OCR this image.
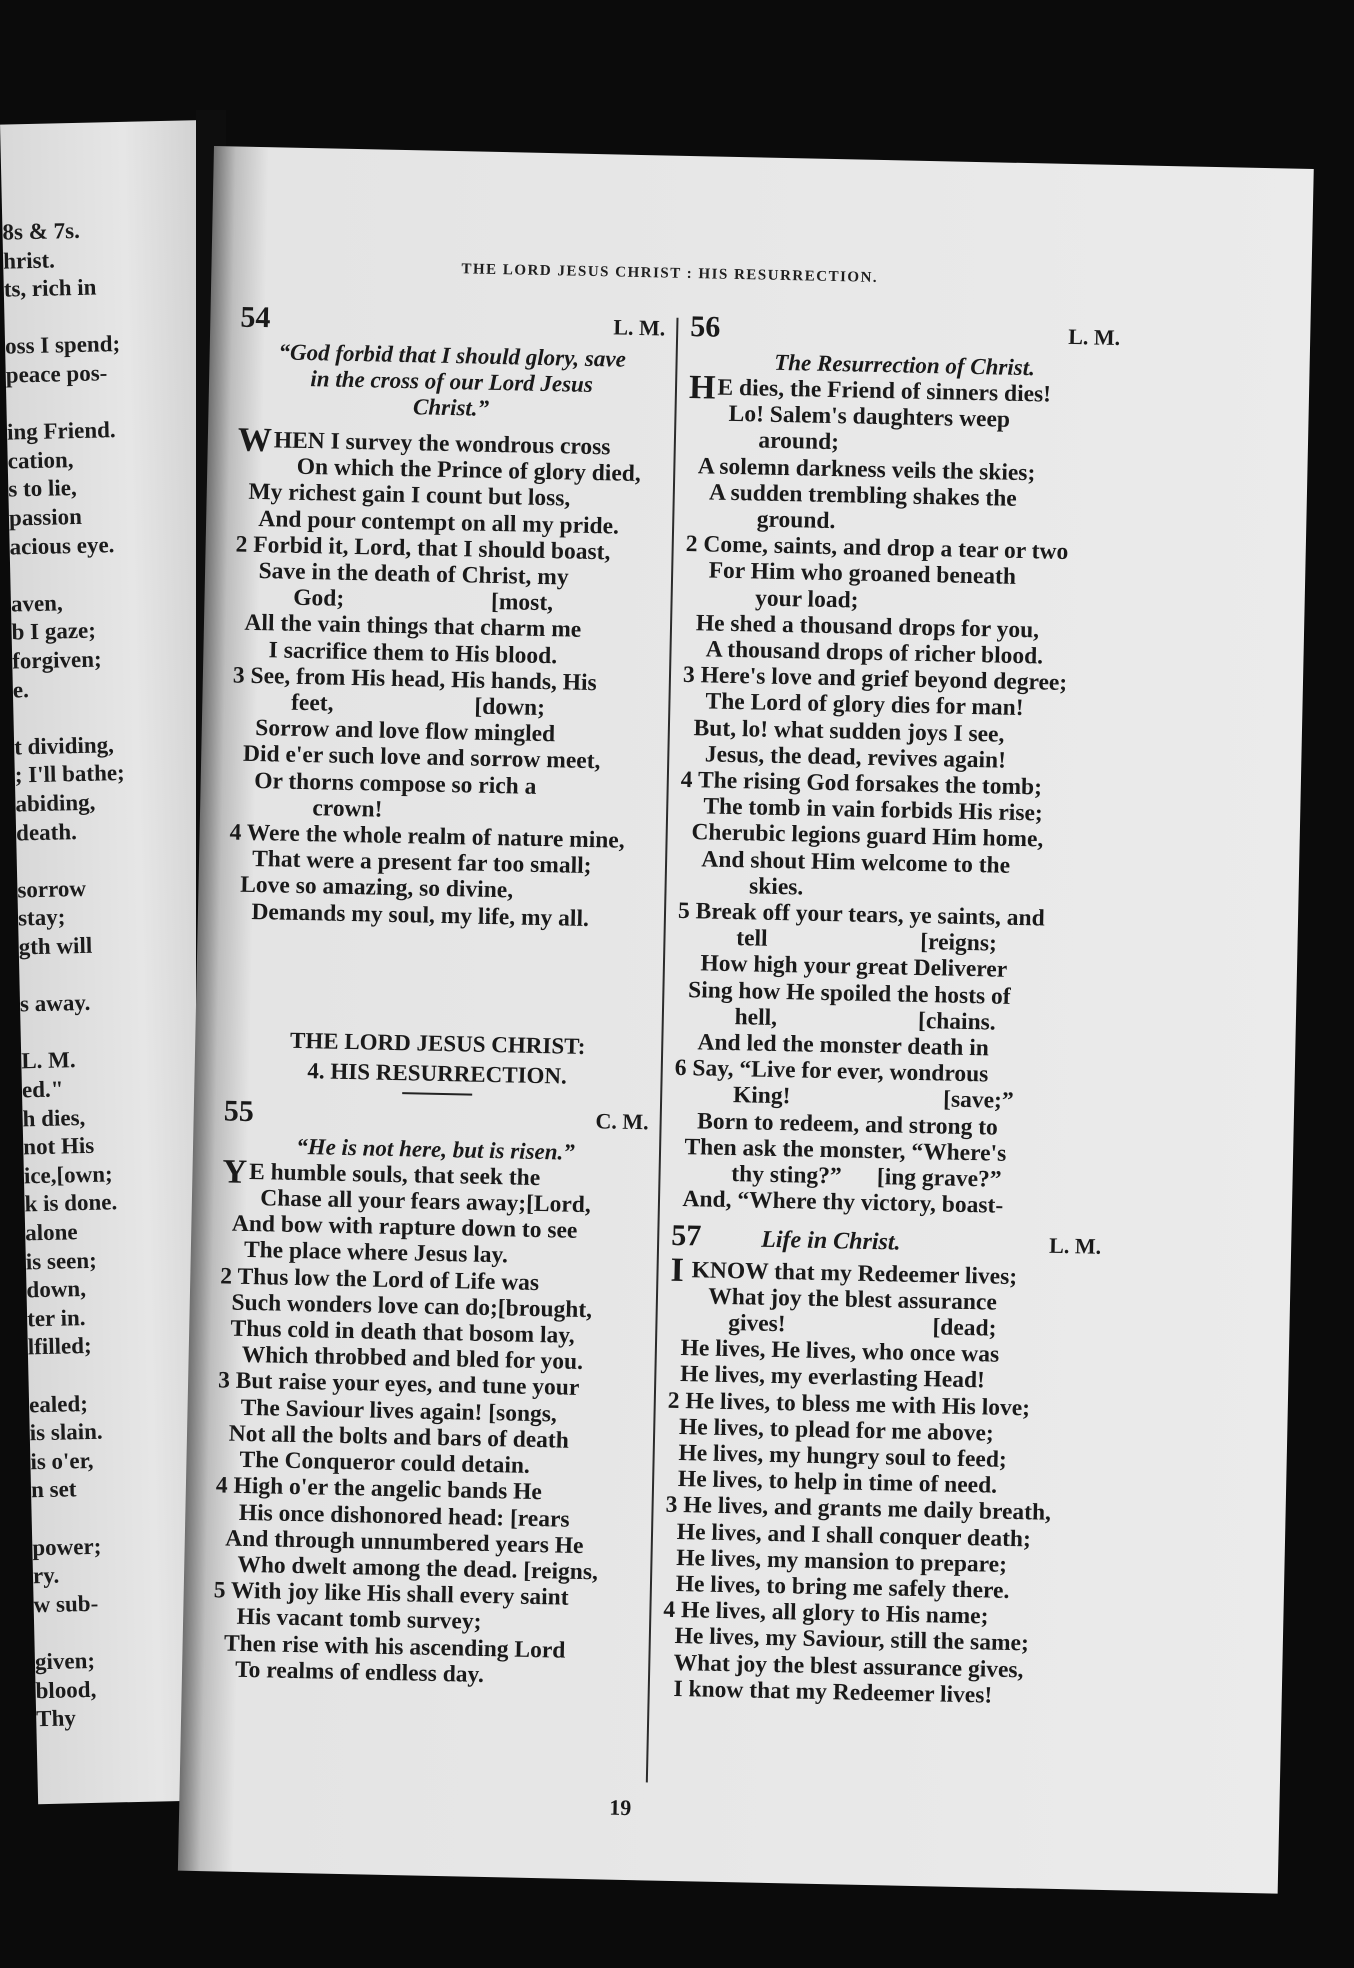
8s & 7s.
hrist.
ts, rich in
oss I spend;
peace pos-
ing Friend.
cation,
s to lie,
passion
acious eye.
aven,
b I gaze;
forgiven;
e.
t dividing,
; I'll bathe;
abiding,
death.
sorrow
stay;
gth will
s away.
L. M.
ed."
h dies,
not His
ice,[own;
k is done.
alone
is seen;
down,
ter in.
lfilled;
ealed;
is slain.
is o'er,
n set
power;
ry.
w sub-
given;
blood,
Thy
THE LORD JESUS CHRIST : HIS RESURRECTION.
54	L. M.
“God forbid that I should glory, save
in the cross of our Lord Jesus
Christ.”
W HEN I survey the wondrous cross
On which the Prince of glory died,
My richest gain I count but loss,
And pour contempt on all my pride.
2 Forbid it, Lord, that I should boast,
Save in the death of Christ, my
God;                         [most,
All the vain things that charm me
I sacrifice them to His blood.
3 See, from His head, His hands, His
feet,                        [down;
Sorrow and love flow mingled
Did e'er such love and sorrow meet,
Or thorns compose so rich a
crown!
4 Were the whole realm of nature mine,
That were a present far too small;
Love so amazing, so divine,
Demands my soul, my life, my all.
THE LORD JESUS CHRIST:
4. HIS RESURRECTION.
55	C. M.
“He is not here, but is risen.”
Y E humble souls, that seek the
Chase all your fears away;[Lord,
And bow with rapture down to see
The place where Jesus lay.
2 Thus low the Lord of Life was
Such wonders love can do;[brought,
Thus cold in death that bosom lay,
Which throbbed and bled for you.
3 But raise your eyes, and tune your
The Saviour lives again! [songs,
Not all the bolts and bars of death
The Conqueror could detain.
4 High o'er the angelic bands He
His once dishonored head: [rears
And through unnumbered years He
Who dwelt among the dead. [reigns,
5 With joy like His shall every saint
His vacant tomb survey;
Then rise with his ascending Lord
To realms of endless day.
56	L. M.
The Resurrection of Christ.
H E dies, the Friend of sinners dies!
Lo! Salem's daughters weep
around;
A solemn darkness veils the skies;
A sudden trembling shakes the
ground.
2 Come, saints, and drop a tear or two
For Him who groaned beneath
your load;
He shed a thousand drops for you,
A thousand drops of richer blood.
3 Here's love and grief beyond degree;
The Lord of glory dies for man!
But, lo! what sudden joys I see,
Jesus, the dead, revives again!
4 The rising God forsakes the tomb;
The tomb in vain forbids His rise;
Cherubic legions guard Him home,
And shout Him welcome to the
skies.
5 Break off your tears, ye saints, and
tell                          [reigns;
How high your great Deliverer
Sing how He spoiled the hosts of
hell,                        [chains.
And led the monster death in
6 Say, “Live for ever, wondrous
King!                          [save;”
Born to redeem, and strong to
Then ask the monster, “Where's
thy sting?”      [ing grave?”
And, “Where thy victory, boast-
57 Life in Christ.	L. M.
I KNOW that my Redeemer lives;
What joy the blest assurance
gives!                         [dead;
He lives, He lives, who once was
He lives, my everlasting Head!
2 He lives, to bless me with His love;
He lives, to plead for me above;
He lives, my hungry soul to feed;
He lives, to help in time of need.
3 He lives, and grants me daily breath,
He lives, and I shall conquer death;
He lives, my mansion to prepare;
He lives, to bring me safely there.
4 He lives, all glory to His name;
He lives, my Saviour, still the same;
What joy the blest assurance gives,
I know that my Redeemer lives!
19
